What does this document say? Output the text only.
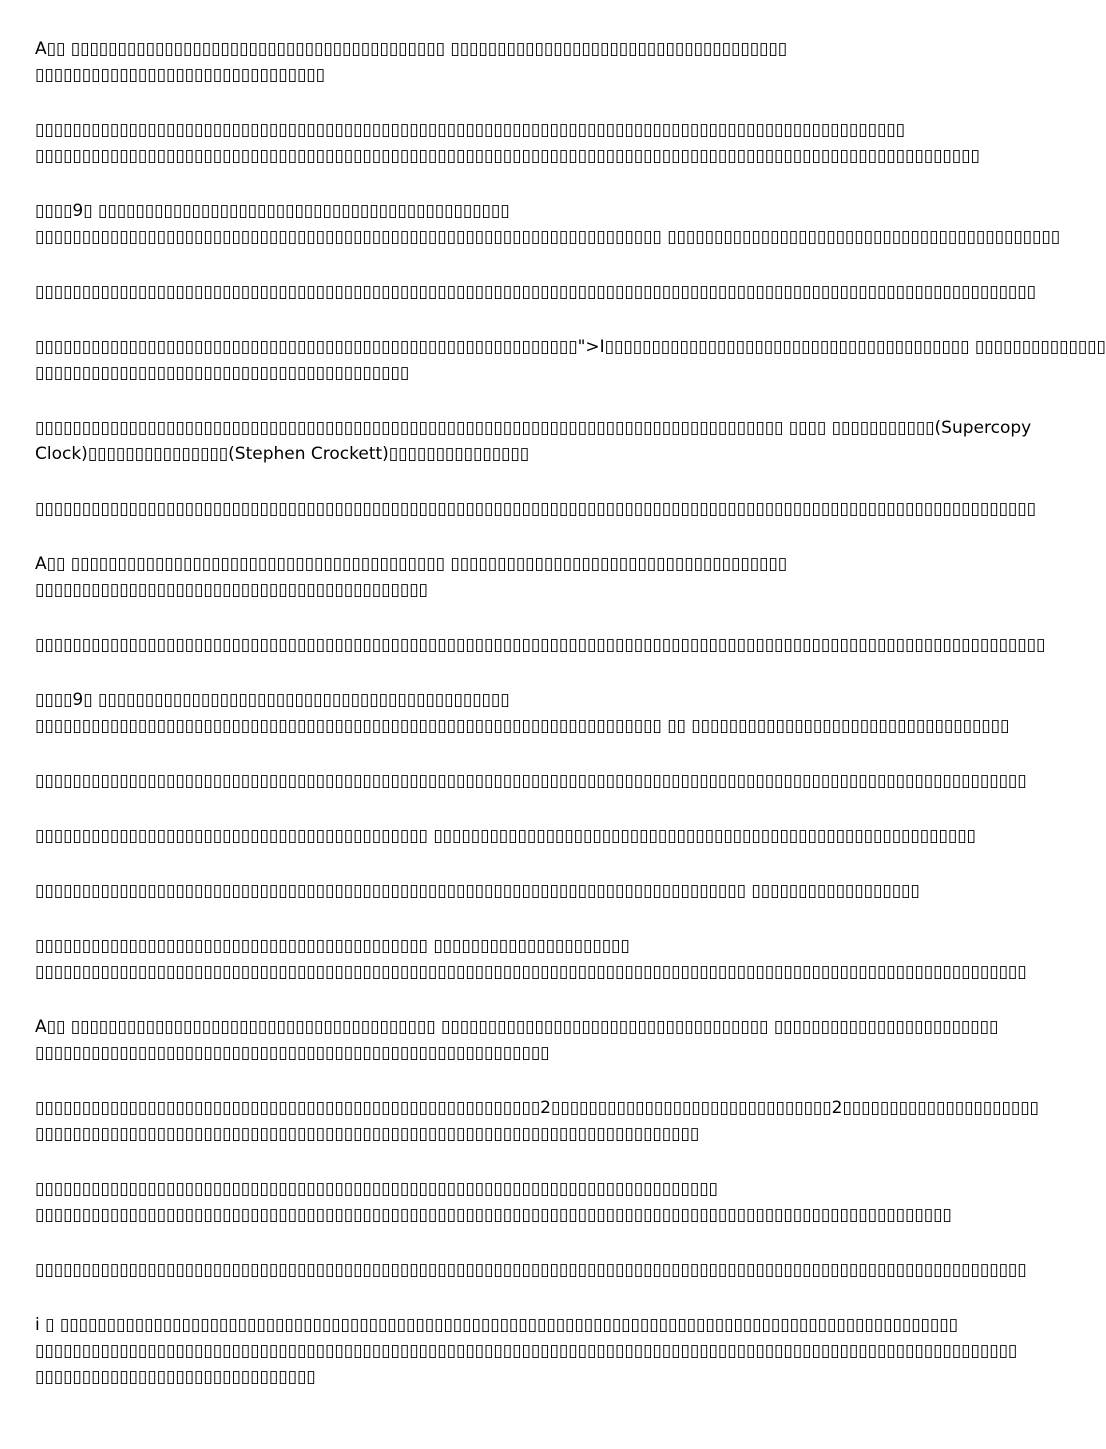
A▯▯ ▯▯▯▯▯▯▯▯▯▯▯▯▯▯▯▯▯▯▯▯▯▯▯▯▯▯▯▯▯▯▯▯▯▯▯▯▯▯▯▯ ▯▯▯▯▯▯▯▯▯▯▯▯▯▯▯▯▯▯▯▯▯▯▯▯▯▯▯▯▯▯▯▯▯▯▯▯
▯▯▯▯▯▯▯▯▯▯▯▯▯▯▯▯▯▯▯▯▯▯▯▯▯▯▯▯▯▯▯

▯▯▯▯▯▯▯▯▯▯▯▯▯▯▯▯▯▯▯▯▯▯▯▯▯▯▯▯▯▯▯▯▯▯▯▯▯▯▯▯▯▯▯▯▯▯▯▯▯▯▯▯▯▯▯▯▯▯▯▯▯▯▯▯▯▯▯▯▯▯▯▯▯▯▯▯▯▯▯▯▯▯▯▯▯▯▯▯▯▯▯▯▯
▯▯▯▯▯▯▯▯▯▯▯▯▯▯▯▯▯▯▯▯▯▯▯▯▯▯▯▯▯▯▯▯▯▯▯▯▯▯▯▯▯▯▯▯▯▯▯▯▯▯▯▯▯▯▯▯▯▯▯▯▯▯▯▯▯▯▯▯▯▯▯▯▯▯▯▯▯▯▯▯▯▯▯▯▯▯▯▯▯▯▯▯▯▯▯▯▯▯▯▯▯

▯▯▯▯9▯ ▯▯▯▯▯▯▯▯▯▯▯▯▯▯▯▯▯▯▯▯▯▯▯▯▯▯▯▯▯▯▯▯▯▯▯▯▯▯▯▯▯▯▯▯
▯▯▯▯▯▯▯▯▯▯▯▯▯▯▯▯▯▯▯▯▯▯▯▯▯▯▯▯▯▯▯▯▯▯▯▯▯▯▯▯▯▯▯▯▯▯▯▯▯▯▯▯▯▯▯▯▯▯▯▯▯▯▯▯▯▯▯ ▯▯▯▯▯▯▯▯▯▯▯▯▯▯▯▯▯▯▯▯▯▯▯▯▯▯▯▯▯▯▯▯▯▯▯▯▯▯▯▯▯▯

▯▯▯▯▯▯▯▯▯▯▯▯▯▯▯▯▯▯▯▯▯▯▯▯▯▯▯▯▯▯▯▯▯▯▯▯▯▯▯▯▯▯▯▯▯▯▯▯▯▯▯▯▯▯▯▯▯▯▯▯▯▯▯▯▯▯▯▯▯▯▯▯▯▯▯▯▯▯▯▯▯▯▯▯▯▯▯▯▯▯▯▯▯▯▯▯▯▯▯▯▯▯▯▯▯▯▯

▯▯▯▯▯▯▯▯▯▯▯▯▯▯▯▯▯▯▯▯▯▯▯▯▯▯▯▯▯▯▯▯▯▯▯▯▯▯▯▯▯▯▯▯▯▯▯▯▯▯▯▯▯▯▯▯▯▯">I▯▯▯▯▯▯▯▯▯▯▯▯▯▯▯▯▯▯▯▯▯▯▯▯▯▯▯▯▯▯▯▯▯▯▯▯▯▯▯ ▯▯▯▯▯▯▯▯▯▯▯▯▯▯
▯▯▯▯▯▯▯▯▯▯▯▯▯▯▯▯▯▯▯▯▯▯▯▯▯▯▯▯▯▯▯▯▯▯▯▯▯▯▯▯

▯▯▯▯▯▯▯▯▯▯▯▯▯▯▯▯▯▯▯▯▯▯▯▯▯▯▯▯▯▯▯▯▯▯▯▯▯▯▯▯▯▯▯▯▯▯▯▯▯▯▯▯▯▯▯▯▯▯▯▯▯▯▯▯▯▯▯▯▯▯▯▯▯▯▯▯▯▯▯▯ ▯▯▯▯ ▯▯▯▯▯▯▯▯▯▯▯(Supercopy
Clock)▯▯▯▯▯▯▯▯▯▯▯▯▯▯▯(Stephen Crockett)▯▯▯▯▯▯▯▯▯▯▯▯▯▯▯

▯▯▯▯▯▯▯▯▯▯▯▯▯▯▯▯▯▯▯▯▯▯▯▯▯▯▯▯▯▯▯▯▯▯▯▯▯▯▯▯▯▯▯▯▯▯▯▯▯▯▯▯▯▯▯▯▯▯▯▯▯▯▯▯▯▯▯▯▯▯▯▯▯▯▯▯▯▯▯▯▯▯▯▯▯▯▯▯▯▯▯▯▯▯▯▯▯▯▯▯▯▯▯▯▯▯▯

A▯▯ ▯▯▯▯▯▯▯▯▯▯▯▯▯▯▯▯▯▯▯▯▯▯▯▯▯▯▯▯▯▯▯▯▯▯▯▯▯▯▯▯ ▯▯▯▯▯▯▯▯▯▯▯▯▯▯▯▯▯▯▯▯▯▯▯▯▯▯▯▯▯▯▯▯▯▯▯▯
▯▯▯▯▯▯▯▯▯▯▯▯▯▯▯▯▯▯▯▯▯▯▯▯▯▯▯▯▯▯▯▯▯▯▯▯▯▯▯▯▯▯

▯▯▯▯▯▯▯▯▯▯▯▯▯▯▯▯▯▯▯▯▯▯▯▯▯▯▯▯▯▯▯▯▯▯▯▯▯▯▯▯▯▯▯▯▯▯▯▯▯▯▯▯▯▯▯▯▯▯▯▯▯▯▯▯▯▯▯▯▯▯▯▯▯▯▯▯▯▯▯▯▯▯▯▯▯▯▯▯▯▯▯▯▯▯▯▯▯▯▯▯▯▯▯▯▯▯▯▯

▯▯▯▯9▯ ▯▯▯▯▯▯▯▯▯▯▯▯▯▯▯▯▯▯▯▯▯▯▯▯▯▯▯▯▯▯▯▯▯▯▯▯▯▯▯▯▯▯▯▯
▯▯▯▯▯▯▯▯▯▯▯▯▯▯▯▯▯▯▯▯▯▯▯▯▯▯▯▯▯▯▯▯▯▯▯▯▯▯▯▯▯▯▯▯▯▯▯▯▯▯▯▯▯▯▯▯▯▯▯▯▯▯▯▯▯▯▯ ▯▯ ▯▯▯▯▯▯▯▯▯▯▯▯▯▯▯▯▯▯▯▯▯▯▯▯▯▯▯▯▯▯▯▯▯▯

▯▯▯▯▯▯▯▯▯▯▯▯▯▯▯▯▯▯▯▯▯▯▯▯▯▯▯▯▯▯▯▯▯▯▯▯▯▯▯▯▯▯▯▯▯▯▯▯▯▯▯▯▯▯▯▯▯▯▯▯▯▯▯▯▯▯▯▯▯▯▯▯▯▯▯▯▯▯▯▯▯▯▯▯▯▯▯▯▯▯▯▯▯▯▯▯▯▯▯▯▯▯▯▯▯▯

▯▯▯▯▯▯▯▯▯▯▯▯▯▯▯▯▯▯▯▯▯▯▯▯▯▯▯▯▯▯▯▯▯▯▯▯▯▯▯▯▯▯ ▯▯▯▯▯▯▯▯▯▯▯▯▯▯▯▯▯▯▯▯▯▯▯▯▯▯▯▯▯▯▯▯▯▯▯▯▯▯▯▯▯▯▯▯▯▯▯▯▯▯▯▯▯▯▯▯▯▯

▯▯▯▯▯▯▯▯▯▯▯▯▯▯▯▯▯▯▯▯▯▯▯▯▯▯▯▯▯▯▯▯▯▯▯▯▯▯▯▯▯▯▯▯▯▯▯▯▯▯▯▯▯▯▯▯▯▯▯▯▯▯▯▯▯▯▯▯▯▯▯▯▯▯▯▯ ▯▯▯▯▯▯▯▯▯▯▯▯▯▯▯▯▯▯

▯▯▯▯▯▯▯▯▯▯▯▯▯▯▯▯▯▯▯▯▯▯▯▯▯▯▯▯▯▯▯▯▯▯▯▯▯▯▯▯▯▯ ▯▯▯▯▯▯▯▯▯▯▯▯▯▯▯▯▯▯▯▯▯
▯▯▯▯▯▯▯▯▯▯▯▯▯▯▯▯▯▯▯▯▯▯▯▯▯▯▯▯▯▯▯▯▯▯▯▯▯▯▯▯▯▯▯▯▯▯▯▯▯▯▯▯▯▯▯▯▯▯▯▯▯▯▯▯▯▯▯▯▯▯▯▯▯▯▯▯▯▯▯▯▯▯▯▯▯▯▯▯▯▯▯▯▯▯▯▯▯▯▯▯▯▯▯▯▯▯

A▯▯ ▯▯▯▯▯▯▯▯▯▯▯▯▯▯▯▯▯▯▯▯▯▯▯▯▯▯▯▯▯▯▯▯▯▯▯▯▯▯▯ ▯▯▯▯▯▯▯▯▯▯▯▯▯▯▯▯▯▯▯▯▯▯▯▯▯▯▯▯▯▯▯▯▯▯▯ ▯▯▯▯▯▯▯▯▯▯▯▯▯▯▯▯▯▯▯▯▯▯▯▯
▯▯▯▯▯▯▯▯▯▯▯▯▯▯▯▯▯▯▯▯▯▯▯▯▯▯▯▯▯▯▯▯▯▯▯▯▯▯▯▯▯▯▯▯▯▯▯▯▯▯▯▯▯▯▯

▯▯▯▯▯▯▯▯▯▯▯▯▯▯▯▯▯▯▯▯▯▯▯▯▯▯▯▯▯▯▯▯▯▯▯▯▯▯▯▯▯▯▯▯▯▯▯▯▯▯▯▯▯▯2▯▯▯▯▯▯▯▯▯▯▯▯▯▯▯▯▯▯▯▯▯▯▯▯▯▯▯▯▯▯2▯▯▯▯▯▯▯▯▯▯▯▯▯▯▯▯▯▯▯▯▯
▯▯▯▯▯▯▯▯▯▯▯▯▯▯▯▯▯▯▯▯▯▯▯▯▯▯▯▯▯▯▯▯▯▯▯▯▯▯▯▯▯▯▯▯▯▯▯▯▯▯▯▯▯▯▯▯▯▯▯▯▯▯▯▯▯▯▯▯▯▯▯

▯▯▯▯▯▯▯▯▯▯▯▯▯▯▯▯▯▯▯▯▯▯▯▯▯▯▯▯▯▯▯▯▯▯▯▯▯▯▯▯▯▯▯▯▯▯▯▯▯▯▯▯▯▯▯▯▯▯▯▯▯▯▯▯▯▯▯▯▯▯▯▯▯
▯▯▯▯▯▯▯▯▯▯▯▯▯▯▯▯▯▯▯▯▯▯▯▯▯▯▯▯▯▯▯▯▯▯▯▯▯▯▯▯▯▯▯▯▯▯▯▯▯▯▯▯▯▯▯▯▯▯▯▯▯▯▯▯▯▯▯▯▯▯▯▯▯▯▯▯▯▯▯▯▯▯▯▯▯▯▯▯▯▯▯▯▯▯▯▯▯▯

▯▯▯▯▯▯▯▯▯▯▯▯▯▯▯▯▯▯▯▯▯▯▯▯▯▯▯▯▯▯▯▯▯▯▯▯▯▯▯▯▯▯▯▯▯▯▯▯▯▯▯▯▯▯▯▯▯▯▯▯▯▯▯▯▯▯▯▯▯▯▯▯▯▯▯▯▯▯▯▯▯▯▯▯▯▯▯▯▯▯▯▯▯▯▯▯▯▯▯▯▯▯▯▯▯▯

i ▯ ▯▯▯▯▯▯▯▯▯▯▯▯▯▯▯▯▯▯▯▯▯▯▯▯▯▯▯▯▯▯▯▯▯▯▯▯▯▯▯▯▯▯▯▯▯▯▯▯▯▯▯▯▯▯▯▯▯▯▯▯▯▯▯▯▯▯▯▯▯▯▯▯▯▯▯▯▯▯▯▯▯▯▯▯▯▯▯▯▯▯▯▯▯▯▯▯
▯▯▯▯▯▯▯▯▯▯▯▯▯▯▯▯▯▯▯▯▯▯▯▯▯▯▯▯▯▯▯▯▯▯▯▯▯▯▯▯▯▯▯▯▯▯▯▯▯▯▯▯▯▯▯▯▯▯▯▯▯▯▯▯▯▯▯▯▯▯▯▯▯▯▯▯▯▯▯▯▯▯▯▯▯▯▯▯▯▯▯▯▯▯▯▯▯▯▯▯▯▯▯▯▯
▯▯▯▯▯▯▯▯▯▯▯▯▯▯▯▯▯▯▯▯▯▯▯▯▯▯▯▯▯▯
